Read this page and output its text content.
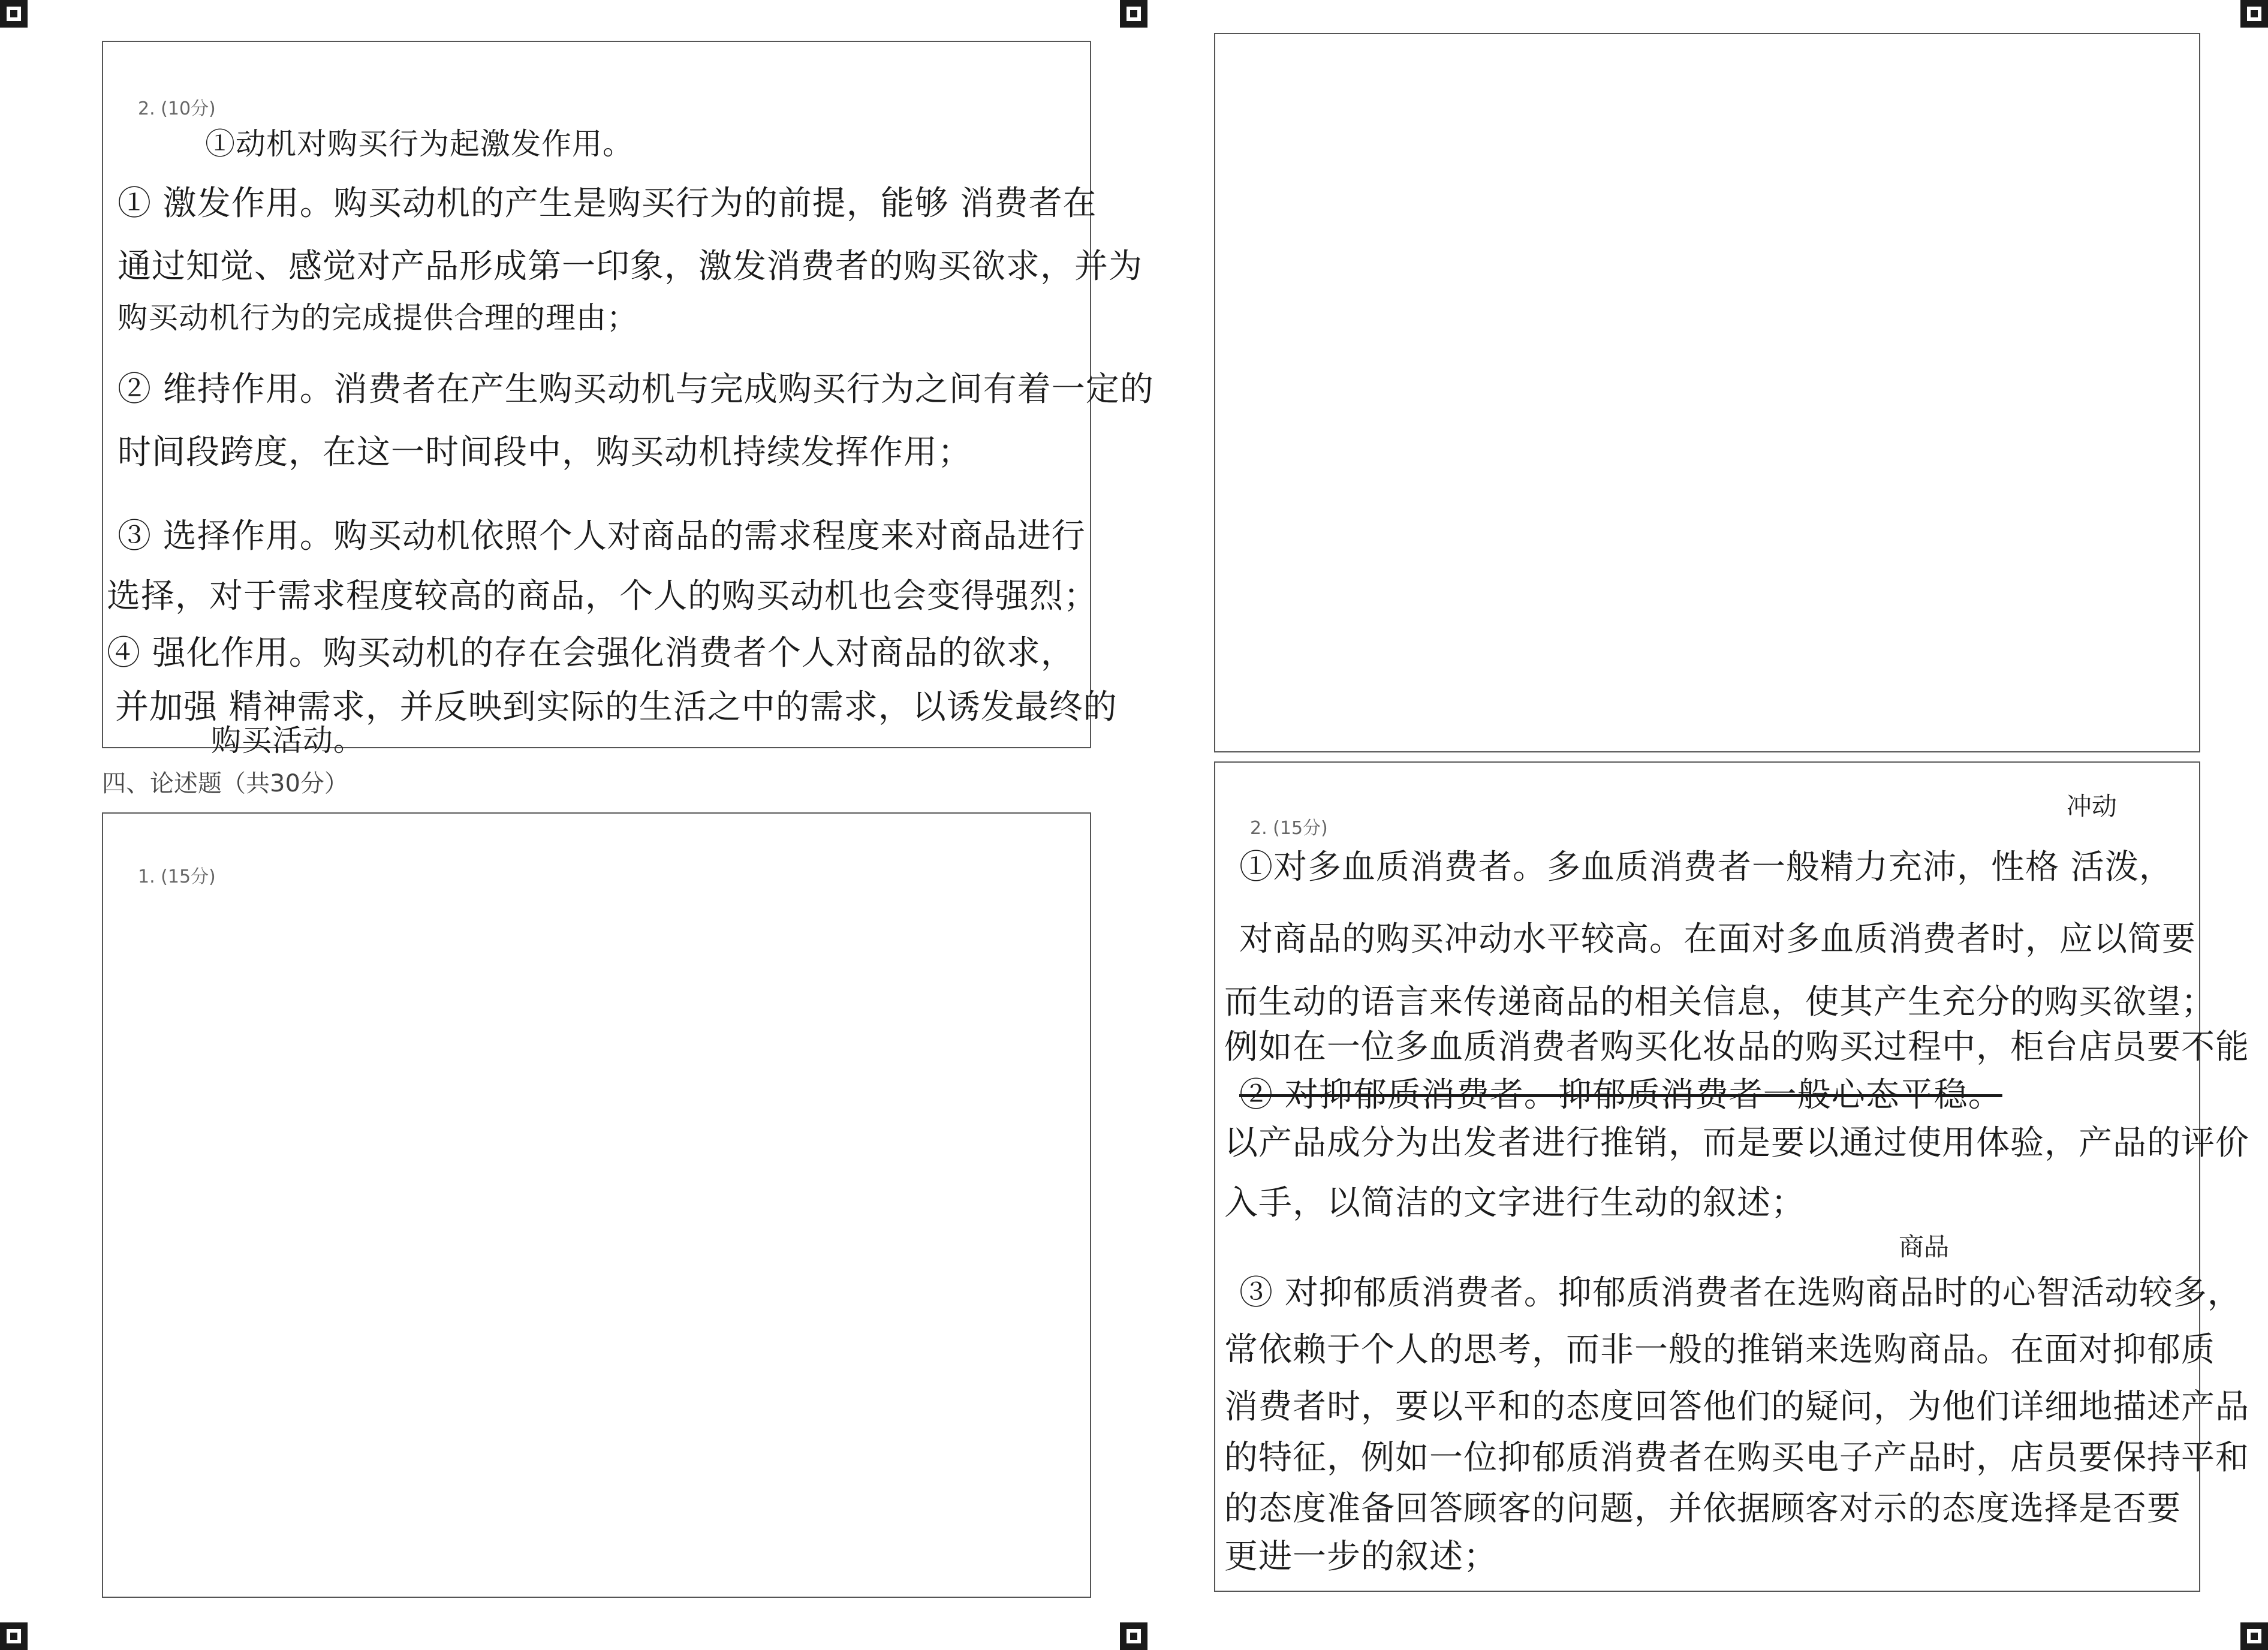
2. (10分)
①动机对购买行为起激发作用。
① 激发作用。购买动机的产生是购买行为的前提，能够 消费者在
通过知觉、感觉对产品形成第一印象，激发消费者的购买欲求，并为
购买动机行为的完成提供合理的理由；
② 维持作用。消费者在产生购买动机与完成购买行为之间有着一定的
时间段跨度，在这一时间段中，购买动机持续发挥作用；
③ 选择作用。购买动机依照个人对商品的需求程度来对商品进行
选择，对于需求程度较高的商品，个人的购买动机也会变得强烈；
④ 强化作用。购买动机的存在会强化消费者个人对商品的欲求，
并加强 精神需求，并反映到实际的生活之中的需求，以诱发最终的
购买活动。
四、论述题（共30分）
1. (15分)
2. (15分)
冲动
①对多血质消费者。多血质消费者一般精力充沛，性格 活泼，
对商品的购买冲动水平较高。在面对多血质消费者时，应以简要
而生动的语言来传递商品的相关信息，使其产生充分的购买欲望；
例如在一位多血质消费者购买化妆品的购买过程中，柜台店员要不能
② 对抑郁质消费者。抑郁质消费者一般心态平稳。
以产品成分为出发者进行推销，而是要以通过使用体验，产品的评价
入手，以简洁的文字进行生动的叙述；
商品
③ 对抑郁质消费者。抑郁质消费者在选购商品时的心智活动较多，
常依赖于个人的思考，而非一般的推销来选购商品。在面对抑郁质
消费者时，要以平和的态度回答他们的疑问，为他们详细地描述产品
的特征，例如一位抑郁质消费者在购买电子产品时，店员要保持平和
的态度准备回答顾客的问题，并依据顾客对示的态度选择是否要
更进一步的叙述；
